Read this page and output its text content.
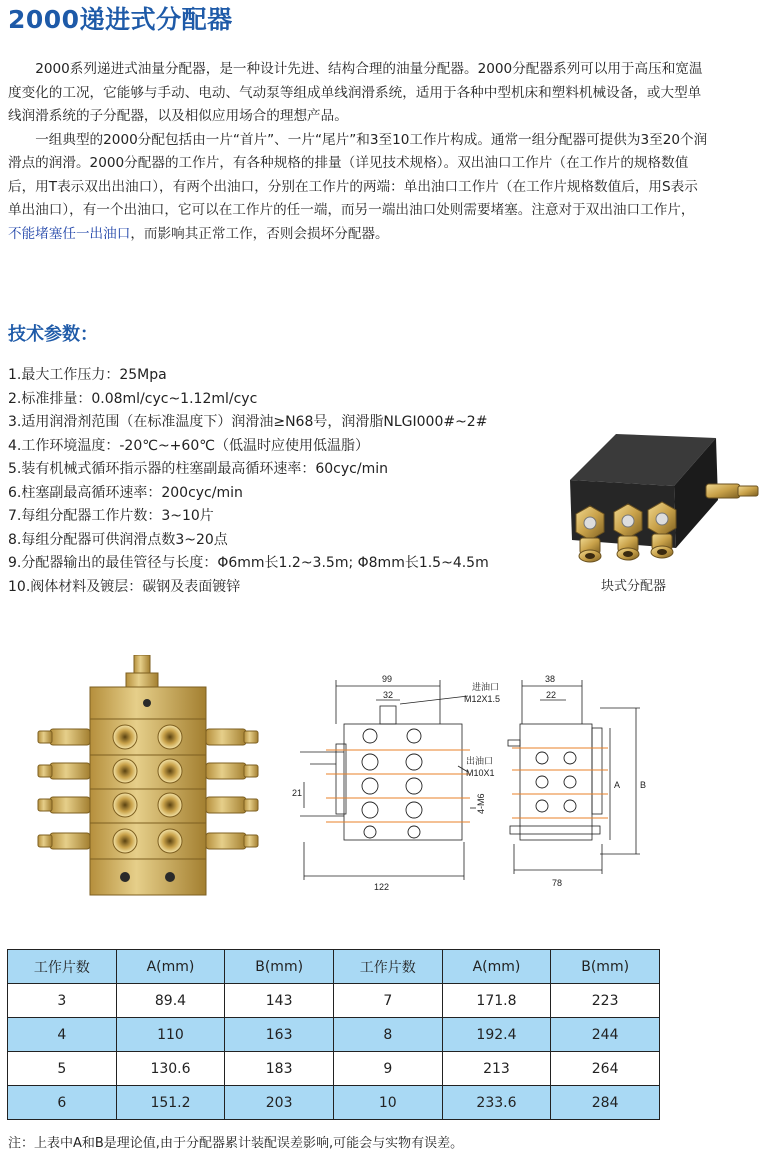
2000递进式分配器

2000系列递进式油量分配器，是一种设计先进、结构合理的油量分配器。2000分配器系列可以用于高压和宽温度变化的工况，它能够与手动、电动、气动泵等组成单线润滑系统，适用于各种中型机床和塑料机械设备，或大型单线润滑系统的子分配器，以及相似应用场合的理想产品。

一组典型的2000分配包括由一片“首片”、一片“尾片”和3至10工作片构成。通常一组分配器可提供为3至20个润滑点的润滑。2000分配器的工作片，有各种规格的排量（详见技术规格）。双出油口工作片（在工作片的规格数值后，用T表示双出出油口），有两个出油口，分别在工作片的两端：单出油口工作片（在工作片规格数值后，用S表示单出油口），有一个出油口，它可以在工作片的任一端，而另一端出油口处则需要堵塞。注意对于双出油口工作片，不能堵塞任一出油口，而影响其正常工作，否则会损坏分配器。

技术参数：
1.最大工作压力：25Mpa
2.标准排量：0.08ml/cyc~1.12ml/cyc
3.适用润滑剂范围（在标准温度下）润滑油≥N68号，润滑脂NLGI000#~2#
4.工作环境温度：-20℃~+60℃（低温时应使用低温脂）
5.装有机械式循环指示器的柱塞副最高循环速率：60cyc/min
6.柱塞副最高循环速率：200cyc/min
7.每组分配器工作片数：3~10片
8.每组分配器可供润滑点数3~20点
9.分配器输出的最佳管径与长度：Φ6mm长1.2~3.5m; Φ8mm长1.5~4.5m
10.阀体材料及镀层：碳钢及表面镀锌	块式分配器
99
32
21
122
38
22
78
进油口
M12X1.5
出油口
M10X1
4-M6
A B
工作片数	A(mm)	B(mm)	工作片数	A(mm)	B(mm)
3	89.4	143	7	171.8	223
4	110	163	8	192.4	244
5	130.6	183	9	213	264
6	151.2	203	10	233.6	284
注：上表中A和B是理论值,由于分配器累计装配误差影响,可能会与实物有误差。
